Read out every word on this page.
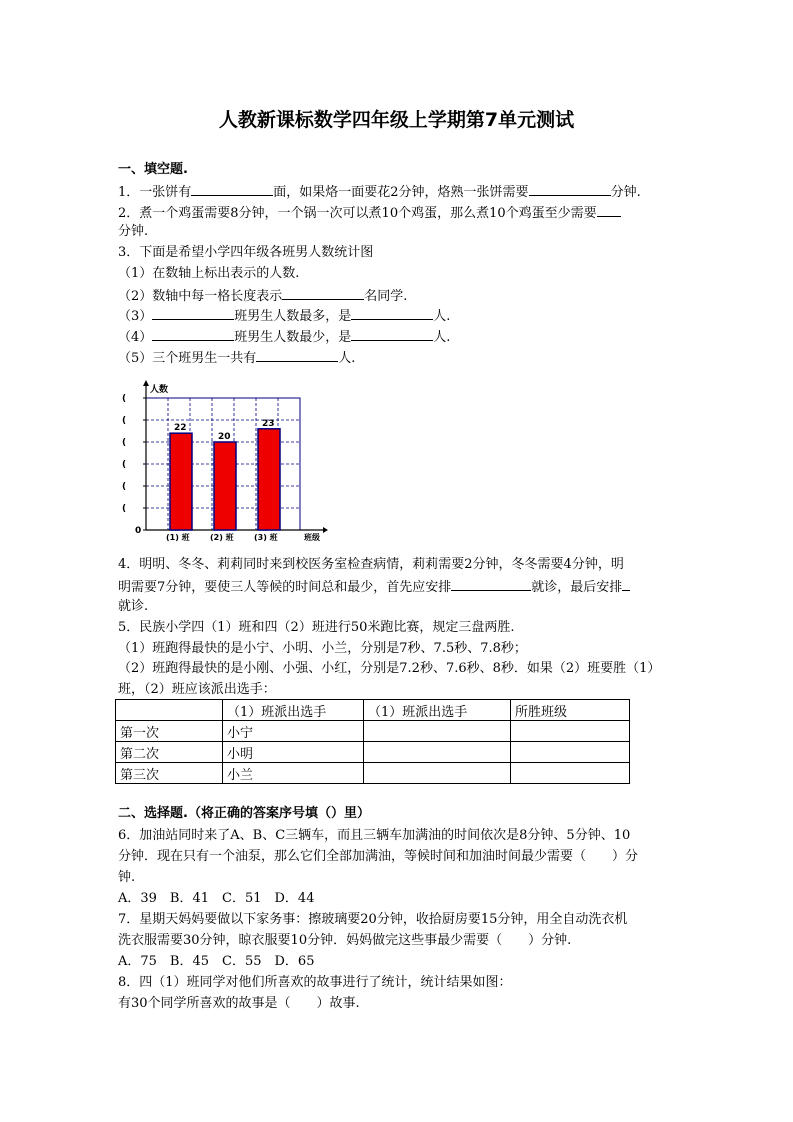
人教新课标数学四年级上学期第7单元测试
一、填空题.
1．一张饼有	面，如果烙一面要花2分钟，烙熟一张饼需要	分钟.
2．煮一个鸡蛋需要8分钟，一个锅一次可以煮10个鸡蛋，那么煮10个鸡蛋至少需要
分钟.
3．下面是希望小学四年级各班男人数统计图
（1）在数轴上标出表示的人数.
（2）数轴中每一格长度表示	名同学.
（3）	班男生人数最多，是	人.
（4）	班男生人数最少，是	人.
（5）三个班男生一共有	人.
人数
0
(
(
(
(
(
(
22
(1) 班
20
(2) 班
23
(3) 班	班级
4．明明、冬冬、莉莉同时来到校医务室检查病情，莉莉需要2分钟，冬冬需要4分钟，明
明需要7分钟，要使三人等候的时间总和最少，首先应安排	就诊，最后安排
就诊.
5．民族小学四（1）班和四（2）班进行50米跑比赛，规定三盘两胜.
（1）班跑得最快的是小宁、小明、小兰，分别是7秒、7.5秒、7.8秒；
（2）班跑得最快的是小刚、小强、小红，分别是7.2秒、7.6秒、8秒．如果（2）班要胜（1）
班，（2）班应该派出选手：
	（1）班派出选手	（1）班派出选手	所胜班级
第一次	小宁		
第二次	小明		
第三次	小兰		
二、选择题.（将正确的答案序号填（）里）
6．加油站同时来了A、B、C三辆车，而且三辆车加满油的时间依次是8分钟、5分钟、10
分钟．现在只有一个油泵，那么它们全部加满油，等候时间和加油时间最少需要（　　）分
钟.
A．39　B．41　C．51　D．44
7．星期天妈妈要做以下家务事：擦玻璃要20分钟，收拾厨房要15分钟，用全自动洗衣机
洗衣服需要30分钟，晾衣服要10分钟．妈妈做完这些事最少需要（　　）分钟.
A．75　B．45　C．55　D．65
8．四（1）班同学对他们所喜欢的故事进行了统计，统计结果如图：
有30个同学所喜欢的故事是（　　）故事.
